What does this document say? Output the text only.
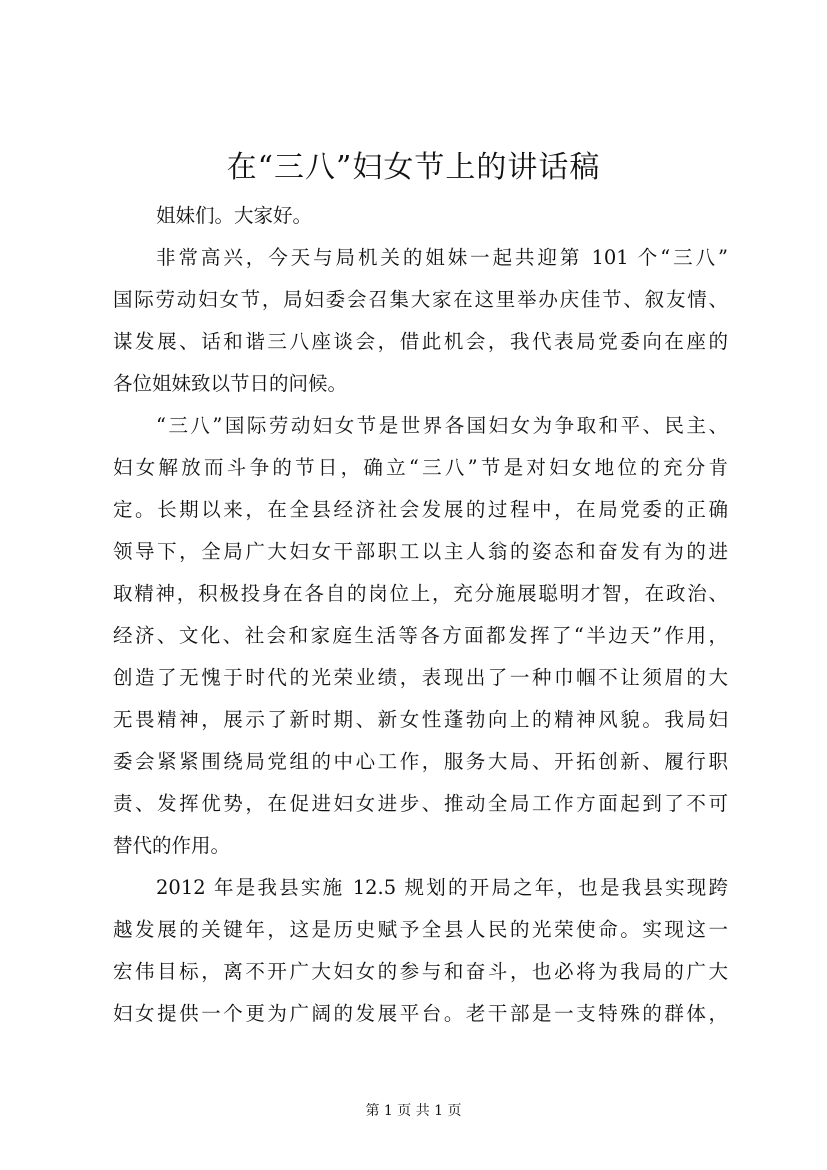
在“三八”妇女节上的讲话稿
姐妹们。大家好。
非常高兴，今天与局机关的姐妹一起共迎第 101 个“三八”
国际劳动妇女节，局妇委会召集大家在这里举办庆佳节、叙友情、
谋发展、话和谐三八座谈会，借此机会，我代表局党委向在座的
各位姐妹致以节日的问候。
“三八”国际劳动妇女节是世界各国妇女为争取和平、民主、
妇女解放而斗争的节日，确立“三八”节是对妇女地位的充分肯
定。长期以来，在全县经济社会发展的过程中，在局党委的正确
领导下，全局广大妇女干部职工以主人翁的姿态和奋发有为的进
取精神，积极投身在各自的岗位上，充分施展聪明才智，在政治、
经济、文化、社会和家庭生活等各方面都发挥了“半边天”作用，
创造了无愧于时代的光荣业绩，表现出了一种巾帼不让须眉的大
无畏精神，展示了新时期、新女性蓬勃向上的精神风貌。我局妇
委会紧紧围绕局党组的中心工作，服务大局、开拓创新、履行职
责、发挥优势，在促进妇女进步、推动全局工作方面起到了不可
替代的作用。
2012 年是我县实施 12.5 规划的开局之年，也是我县实现跨
越发展的关键年，这是历史赋予全县人民的光荣使命。实现这一
宏伟目标，离不开广大妇女的参与和奋斗，也必将为我局的广大
妇女提供一个更为广阔的发展平台。老干部是一支特殊的群体，
第 1 页 共 1 页
